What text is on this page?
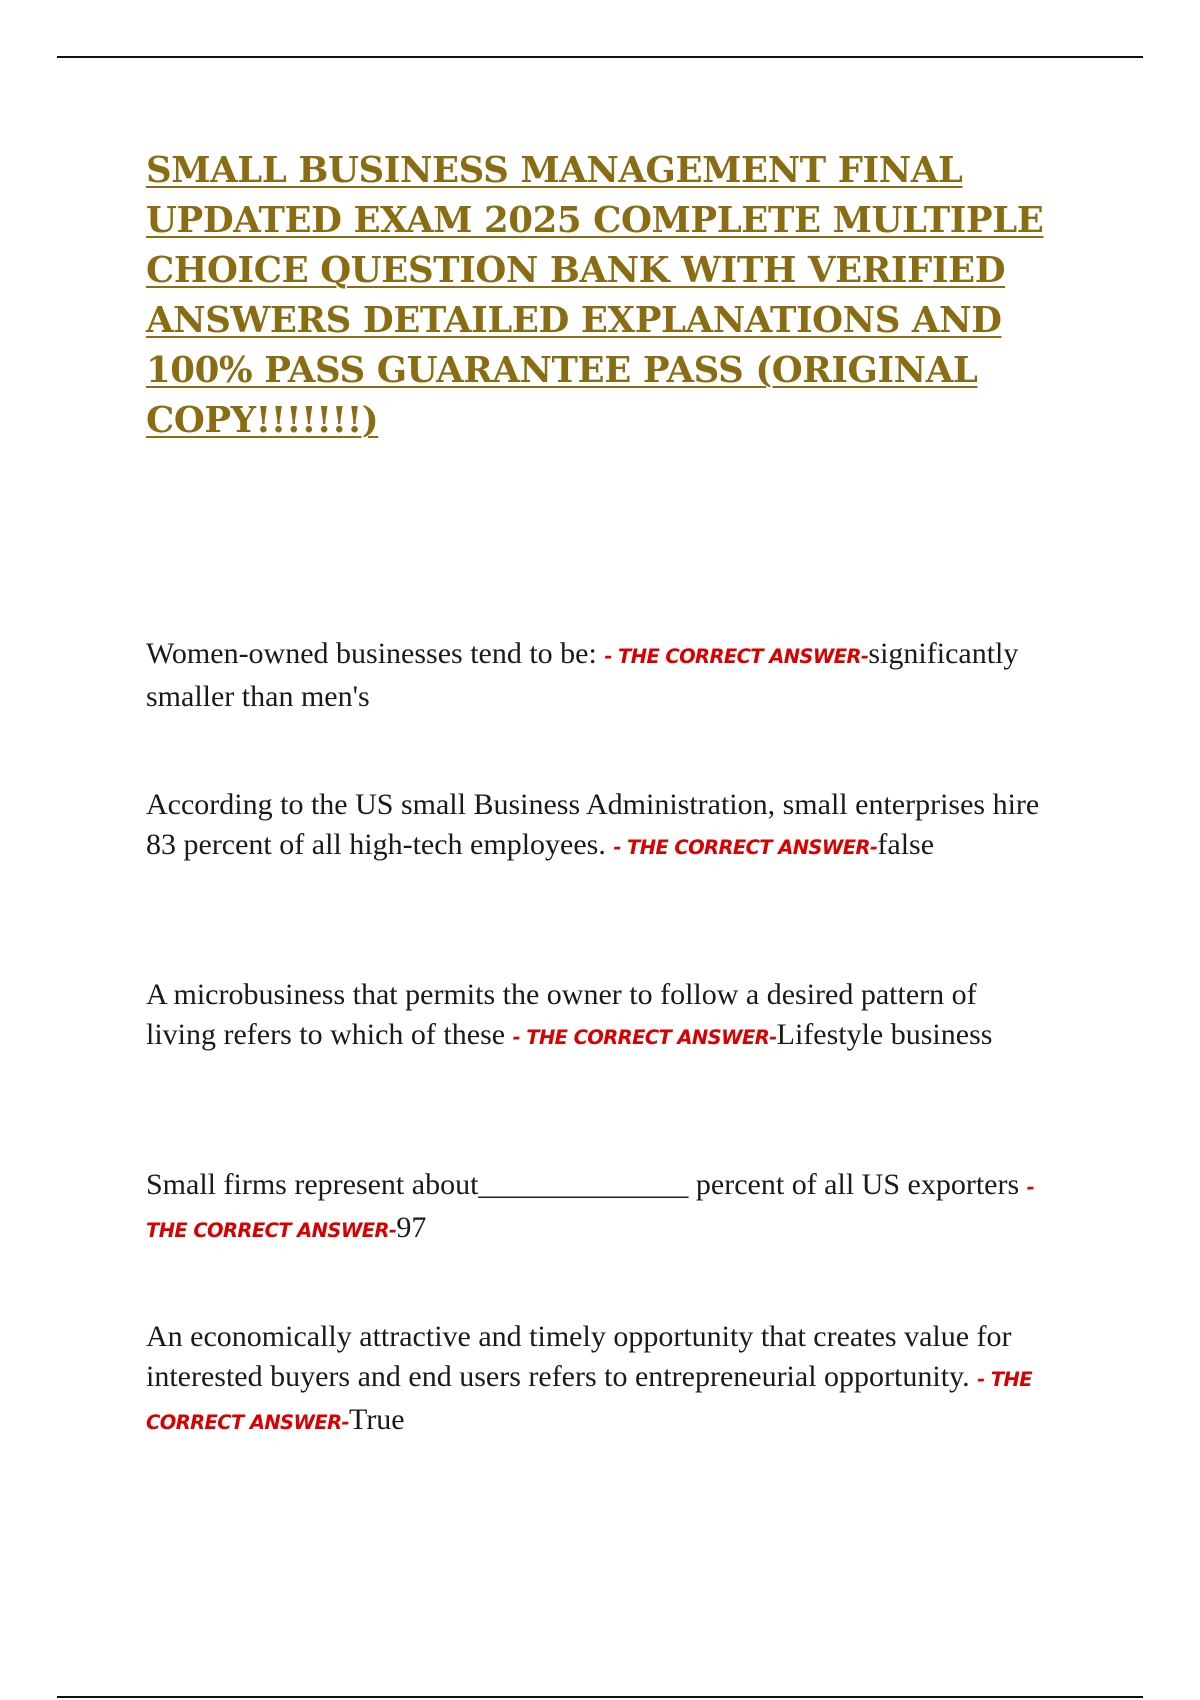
SMALL BUSINESS MANAGEMENT FINAL UPDATED EXAM 2025 COMPLETE MULTIPLE CHOICE QUESTION BANK WITH VERIFIED ANSWERS DETAILED EXPLANATIONS AND 100% PASS GUARANTEE PASS (ORIGINAL COPY!!!!!!!)

Women-owned businesses tend to be: - THE CORRECT ANSWER-significantly smaller than men's

According to the US small Business Administration, small enterprises hire 83 percent of all high-tech employees. - THE CORRECT ANSWER-false

A microbusiness that permits the owner to follow a desired pattern of living refers to which of these - THE CORRECT ANSWER-Lifestyle business

Small firms represent about______________ percent of all US exporters - THE CORRECT ANSWER-97

An economically attractive and timely opportunity that creates value for interested buyers and end users refers to entrepreneurial opportunity. - THE CORRECT ANSWER-True
